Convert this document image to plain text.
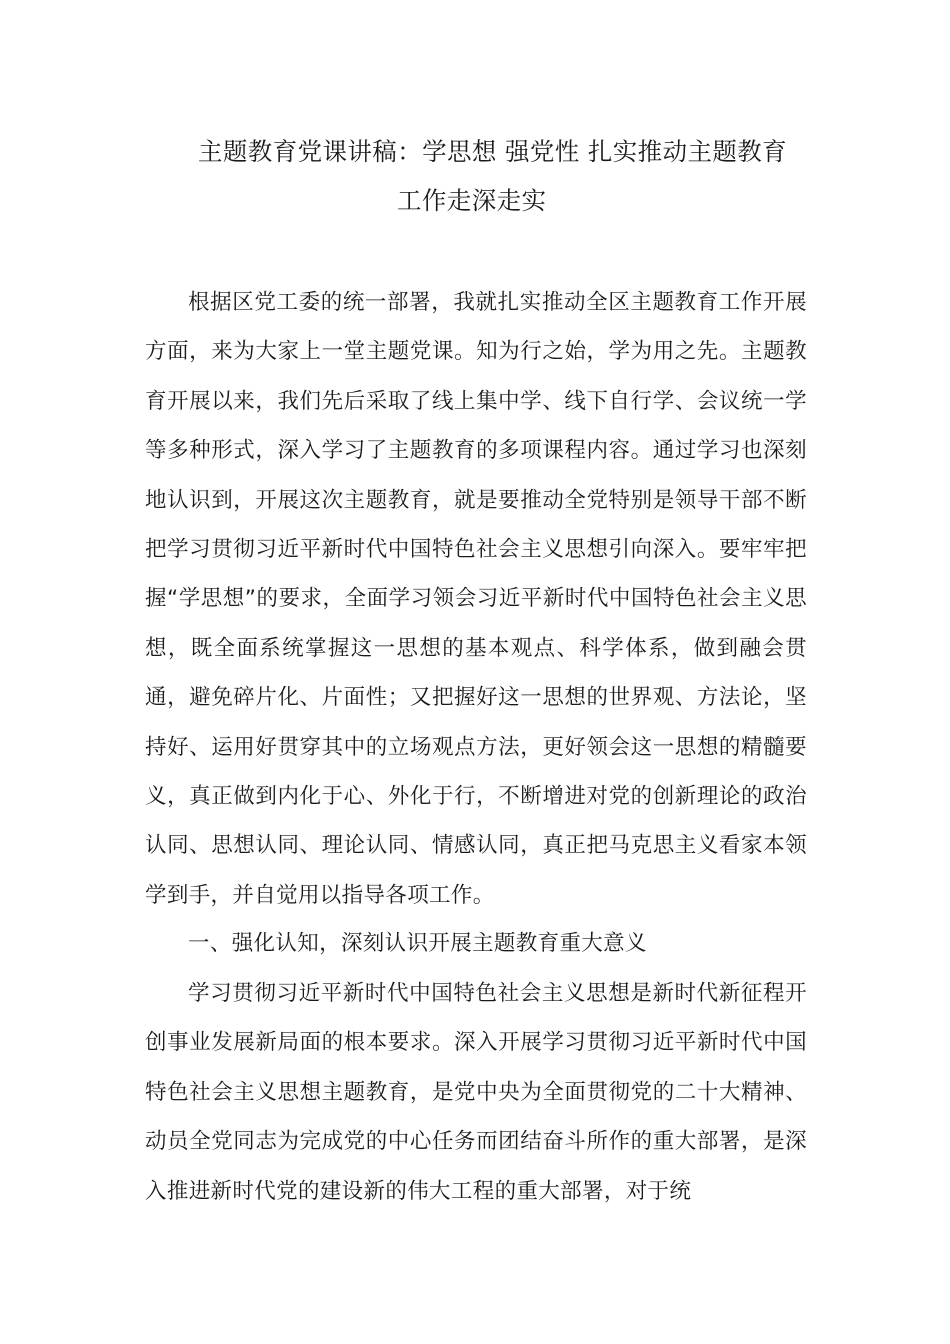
主题教育党课讲稿：学思想 强党性 扎实推动主题教育
工作走深走实

根据区党工委的统一部署，我就扎实推动全区主题教育工作开展方面，来为大家上一堂主题党课。知为行之始，学为用之先。主题教育开展以来，我们先后采取了线上集中学、线下自行学、会议统一学等多种形式，深入学习了主题教育的多项课程内容。通过学习也深刻地认识到，开展这次主题教育，就是要推动全党特别是领导干部不断把学习贯彻习近平新时代中国特色社会主义思想引向深入。要牢牢把握“学思想”的要求，全面学习领会习近平新时代中国特色社会主义思想，既全面系统掌握这一思想的基本观点、科学体系，做到融会贯通，避免碎片化、片面性；又把握好这一思想的世界观、方法论，坚持好、运用好贯穿其中的立场观点方法，更好领会这一思想的精髓要义，真正做到内化于心、外化于行，不断增进对党的创新理论的政治认同、思想认同、理论认同、情感认同，真正把马克思主义看家本领学到手，并自觉用以指导各项工作。

一、强化认知，深刻认识开展主题教育重大意义

学习贯彻习近平新时代中国特色社会主义思想是新时代新征程开创事业发展新局面的根本要求。深入开展学习贯彻习近平新时代中国特色社会主义思想主题教育，是党中央为全面贯彻党的二十大精神、动员全党同志为完成党的中心任务而团结奋斗所作的重大部署，是深入推进新时代党的建设新的伟大工程的重大部署，对于统
